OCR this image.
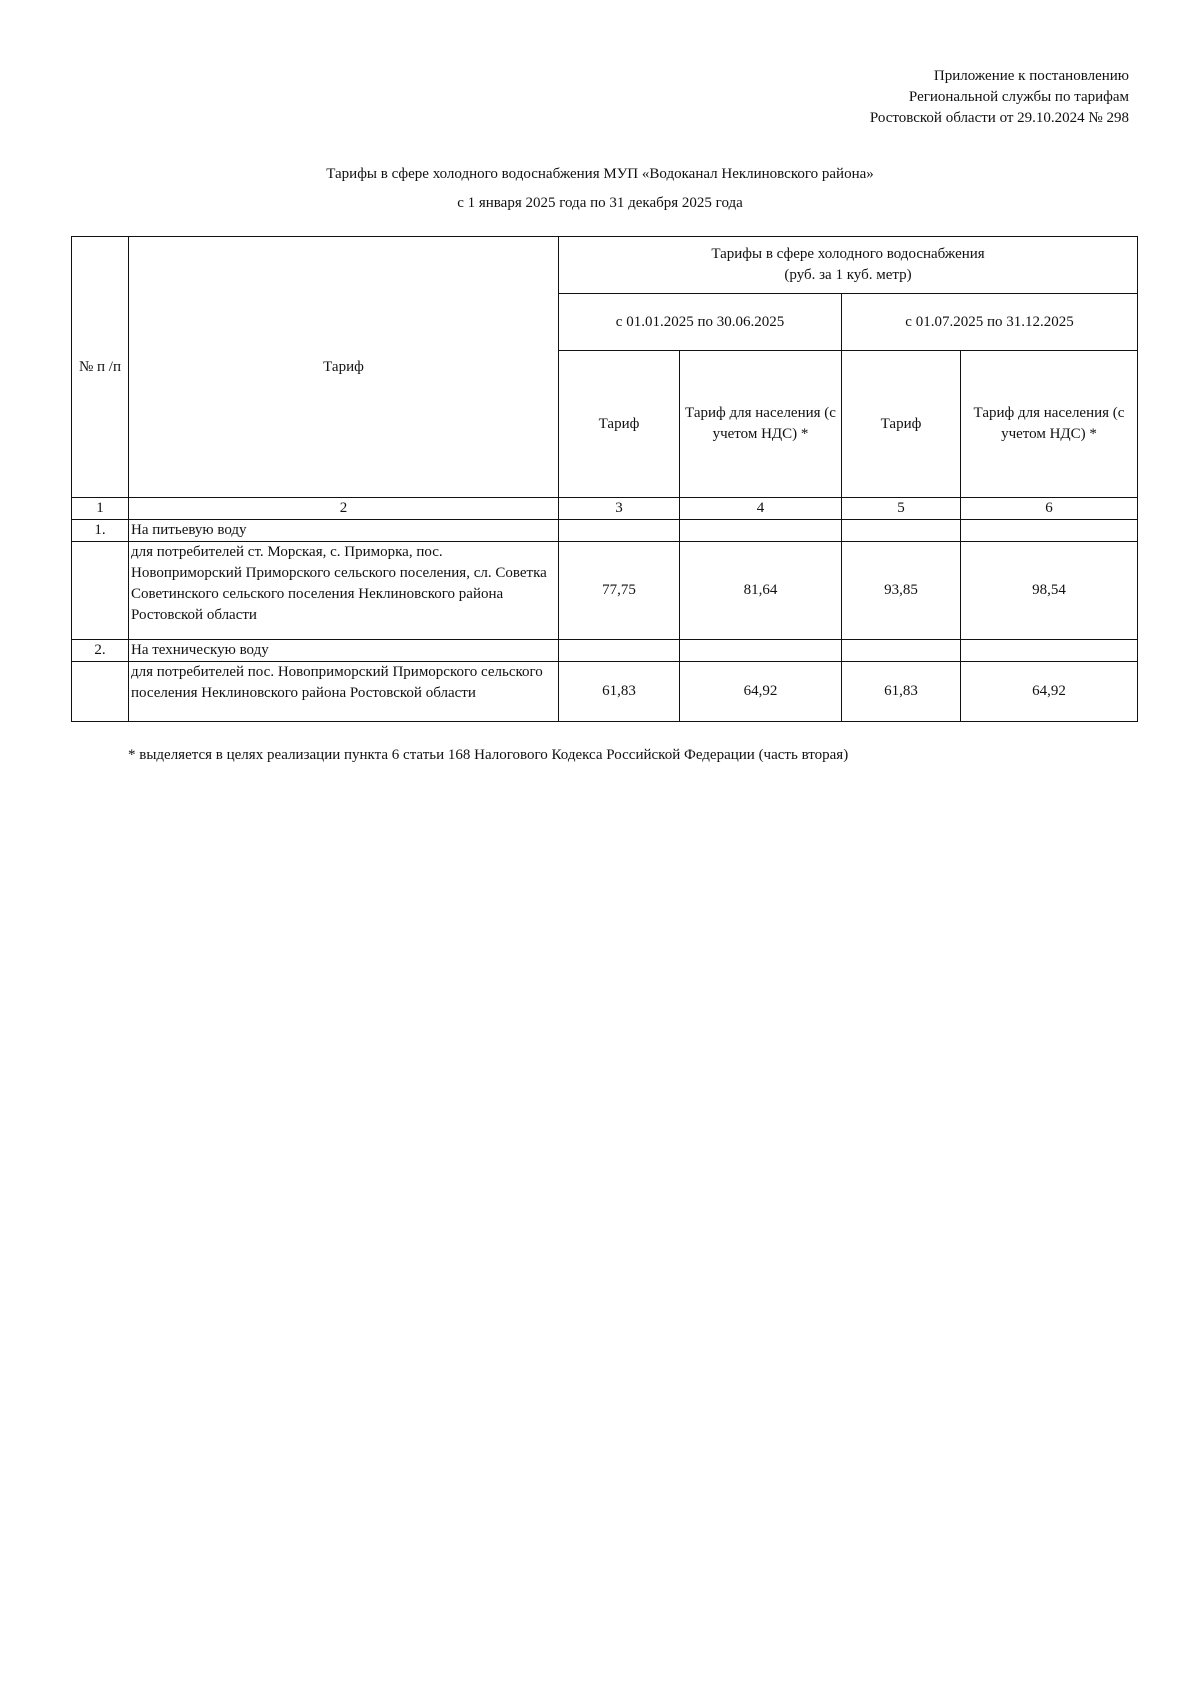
Приложение к постановлению
Региональной службы по тарифам
Ростовской области от 29.10.2024 № 298
Тарифы в сфере холодного водоснабжения МУП «Водоканал Неклиновского района»
с 1 января 2025 года по 31 декабря 2025 года
№ п /п	Тариф	Тарифы в сфере холодного водоснабжения
(руб. за 1 куб. метр)			

		с 01.01.2025 по 30.06.2025		с 01.07.2025 по 31.12.2025	
		Тариф	Тариф для населения (с учетом НДС) *	Тариф	Тариф для населения (с учетом НДС) *
1	2	3	4	5	6
1.	На питьевую воду				
	для потребителей ст. Морская, с. Приморка, пос. Новоприморский Приморского сельского поселения, сл. Советка Советинского сельского поселения Неклиновского района Ростовской области	77,75	81,64	93,85	98,54
2.	На техническую воду				
	для потребителей пос. Новоприморский Приморского сельского поселения Неклиновского района Ростовской области	61,83	64,92	61,83	64,92
* выделяется в целях реализации пункта 6 статьи 168 Налогового Кодекса Российской Федерации (часть вторая)
